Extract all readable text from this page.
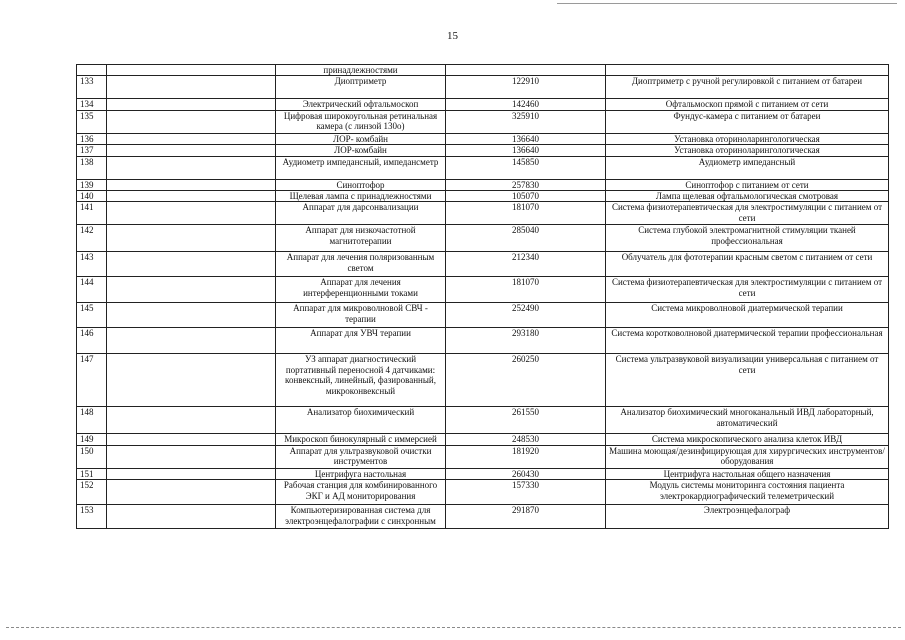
15
		принадлежностями		
133		Диоптриметр	122910	Диоптриметр с ручной регулировкой с питанием от батареи
134		Электрический офтальмоскоп	142460	Офтальмоскоп прямой с питанием от сети
135		Цифровая широкоугольная ретинальная камера (с линзой 130о)	325910	Фундус-камера с питанием от батареи
136		ЛОР- комбайн	136640	Установка оториноларингологическая
137		ЛОР-комбайн	136640	Установка оториноларингологическая
138		Аудиометр импедансный, импедансметр	145850	Аудиометр импедансный
139		Синоптофор	257830	Синоптофор с питанием от сети
140		Щелевая лампа с принадлежностями	105070	Лампа щелевая офтальмологическая смотровая
141		Аппарат для дарсонвализации	181070	Система физиотерапевтическая для электростимуляции с питанием от сети
142		Аппарат для низкочастотной магнитотерапии	285040	Система глубокой электромагнитной стимуляции тканей профессиональная
143		Аппарат для лечения поляризованным светом	212340	Облучатель для фототерапии красным светом с питанием от сети
144		Аппарат для лечения интерференционными токами	181070	Система физиотерапевтическая для электростимуляции с питанием от сети
145		Аппарат для микроволновой СВЧ - терапии	252490	Система микроволновой диатермической терапии
146		Аппарат для УВЧ терапии	293180	Система коротковолновой диатермической терапии профессиональная
147		УЗ аппарат диагностический портативный переносной 4 датчиками: конвексный, линейный, фазированный, микроконвексный	260250	Система ультразвуковой визуализации универсальная с питанием от сети
148		Анализатор биохимический	261550	Анализатор биохимический многоканальный ИВД лабораторный, автоматический
149		Микроскоп бинокулярный с иммерсией	248530	Система микроскопического анализа клеток ИВД
150		Аппарат для ультразвуковой очистки инструментов	181920	Машина моющая/дезинфицирующая для хирургических инструментов/оборудования
151		Центрифуга настольная	260430	Центрифуга настольная общего назначения
152		Рабочая станция для комбинированного ЭКГ и АД мониторирования	157330	Модуль системы мониторинга состояния пациента электрокардиографический телеметрический
153		Компьютеризированная система для электроэнцефалографии с синхронным	291870	Электроэнцефалограф
